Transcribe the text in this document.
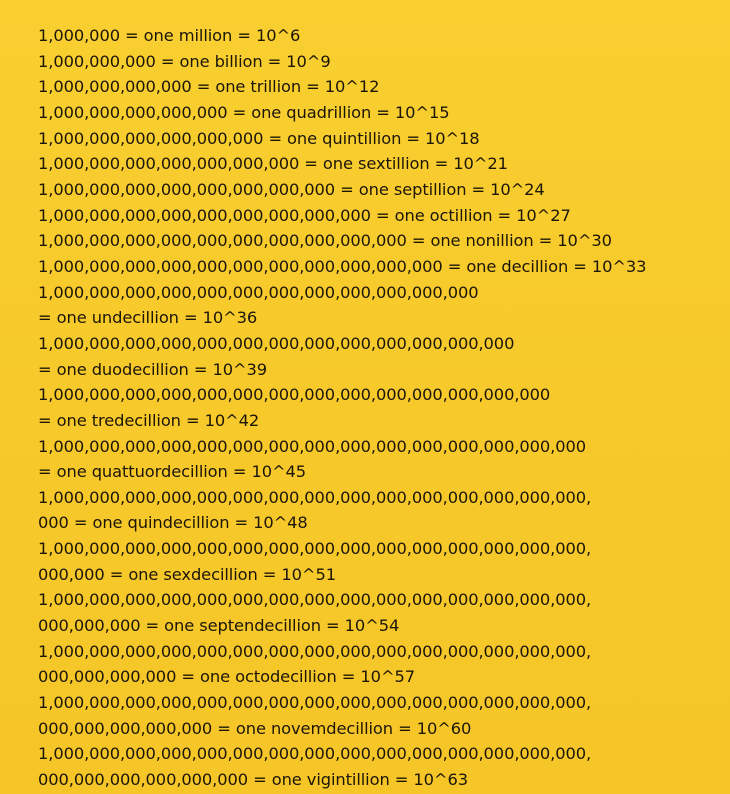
1,000,000 = one million = 10^6
1,000,000,000 = one billion = 10^9
1,000,000,000,000 = one trillion = 10^12
1,000,000,000,000,000 = one quadrillion = 10^15
1,000,000,000,000,000,000 = one quintillion = 10^18
1,000,000,000,000,000,000,000 = one sextillion = 10^21
1,000,000,000,000,000,000,000,000 = one septillion = 10^24
1,000,000,000,000,000,000,000,000,000 = one octillion = 10^27
1,000,000,000,000,000,000,000,000,000,000 = one nonillion = 10^30
1,000,000,000,000,000,000,000,000,000,000,000 = one decillion = 10^33
1,000,000,000,000,000,000,000,000,000,000,000,000
= one undecillion = 10^36
1,000,000,000,000,000,000,000,000,000,000,000,000,000
= one duodecillion = 10^39
1,000,000,000,000,000,000,000,000,000,000,000,000,000,000
= one tredecillion = 10^42
1,000,000,000,000,000,000,000,000,000,000,000,000,000,000,000
= one quattuordecillion = 10^45
1,000,000,000,000,000,000,000,000,000,000,000,000,000,000,000,
000 = one quindecillion = 10^48
1,000,000,000,000,000,000,000,000,000,000,000,000,000,000,000,
000,000 = one sexdecillion = 10^51
1,000,000,000,000,000,000,000,000,000,000,000,000,000,000,000,
000,000,000 = one septendecillion = 10^54
1,000,000,000,000,000,000,000,000,000,000,000,000,000,000,000,
000,000,000,000 = one octodecillion = 10^57
1,000,000,000,000,000,000,000,000,000,000,000,000,000,000,000,
000,000,000,000,000 = one novemdecillion = 10^60
1,000,000,000,000,000,000,000,000,000,000,000,000,000,000,000,
000,000,000,000,000,000 = one vigintillion = 10^63
